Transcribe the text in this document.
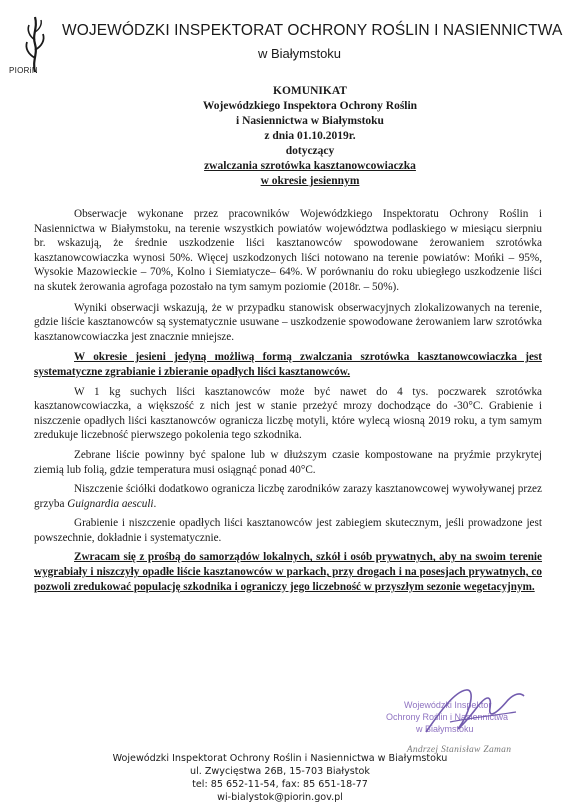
PIORiN
WOJEWÓDZKI INSPEKTORAT OCHRONY ROŚLIN I NASIENNICTWA
w Białymstoku
KOMUNIKAT
Wojewódzkiego Inspektora Ochrony Roślin
i Nasiennictwa w Białymstoku
z dnia 01.10.2019r.
dotyczący
zwalczania szrotówka kasztanowcowiaczka
w okresie jesiennym

Obserwacje wykonane przez pracowników Wojewódzkiego Inspektoratu Ochrony Roślin i Nasiennictwa w Białymstoku, na terenie wszystkich powiatów województwa podlaskiego w miesiącu sierpniu br. wskazują, że średnie uszkodzenie liści kasztanowców spowodowane żerowaniem szrotówka kasztanowcowiaczka wynosi 50%. Więcej uszkodzonych liści notowano na terenie powiatów: Mońki – 95%, Wysokie Mazowieckie – 70%, Kolno i Siemiatycze– 64%. W porównaniu do roku ubiegłego uszkodzenie liści na skutek żerowania agrofaga pozostało na tym samym poziomie (2018r. – 50%).

Wyniki obserwacji wskazują, że w przypadku stanowisk obserwacyjnych zlokalizowanych na terenie, gdzie liście kasztanowców są systematycznie usuwane – uszkodzenie spowodowane żerowaniem larw szrotówka kasztanowcowiaczka jest znacznie mniejsze.

W okresie jesieni jedyną możliwą formą zwalczania szrotówka kasztanowcowiaczka jest systematyczne zgrabianie i zbieranie opadłych liści kasztanowców.

W 1 kg suchych liści kasztanowców może być nawet do 4 tys. poczwarek szrotówka kasztanowcowiaczka, a większość z nich jest w stanie przeżyć mrozy dochodzące do -30°C. Grabienie i niszczenie opadłych liści kasztanowców ogranicza liczbę motyli, które wylecą wiosną 2019 roku, a tym samym zredukuje liczebność pierwszego pokolenia tego szkodnika.

Zebrane liście powinny być spalone lub w dłuższym czasie kompostowane na pryźmie przykrytej ziemią lub folią, gdzie temperatura musi osiągnąć ponad 40°C.

Niszczenie ściółki dodatkowo ogranicza liczbę zarodników zarazy kasztanowcowej wywoływanej przez grzyba Guignardia aesculi.

Grabienie i niszczenie opadłych liści kasztanowców jest zabiegiem skutecznym, jeśli prowadzone jest powszechnie, dokładnie i systematycznie.

Zwracam się z prośbą do samorządów lokalnych, szkół i osób prywatnych, aby na swoim terenie wygrabiały i niszczyły opadłe liście kasztanowców w parkach, przy drogach i na posesjach prywatnych, co pozwoli zredukować populację szkodnika i ograniczy jego liczebność w przyszłym sezonie wegetacyjnym.

Wojewódzki Inspektor
Ochrony Roślin i Nasiennictwa
w Białymstoku
Andrzej Stanisław Zaman
Wojewódzki Inspektorat Ochrony Roślin i Nasiennictwa w Białymstoku
ul. Zwycięstwa 26B, 15-703 Białystok
tel: 85 652-11-54, fax: 85 651-18-77
wi-bialystok@piorin.gov.pl
